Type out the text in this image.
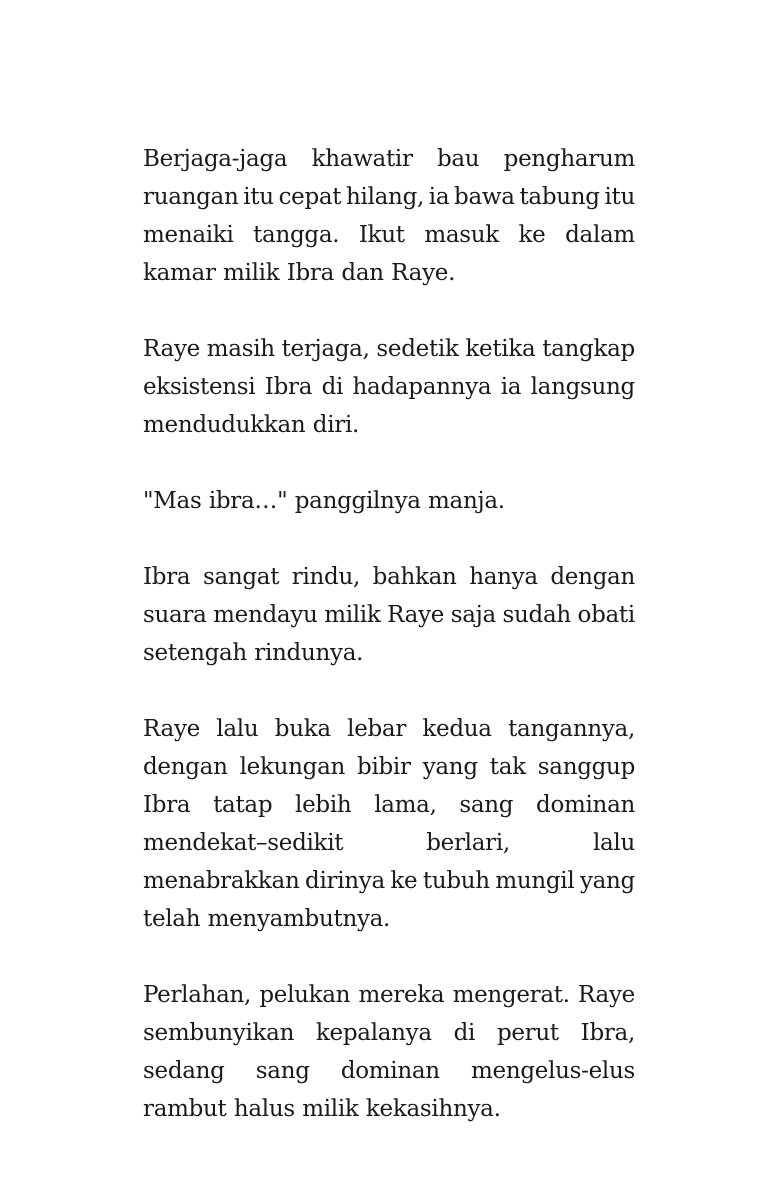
Berjaga-jaga khawatir bau pengharum
ruangan itu cepat hilang, ia bawa tabung itu
menaiki tangga. Ikut masuk ke dalam
kamar milik Ibra dan Raye.
Raye masih terjaga, sedetik ketika tangkap
eksistensi Ibra di hadapannya ia langsung
mendudukkan diri.
"Mas ibra…" panggilnya manja.
Ibra sangat rindu, bahkan hanya dengan
suara mendayu milik Raye saja sudah obati
setengah rindunya.
Raye lalu buka lebar kedua tangannya,
dengan lekungan bibir yang tak sanggup
Ibra tatap lebih lama, sang dominan
mendekat–sedikit	berlari,	lalu
menabrakkan dirinya ke tubuh mungil yang
telah menyambutnya.
Perlahan, pelukan mereka mengerat. Raye
sembunyikan kepalanya di perut Ibra,
sedang sang dominan mengelus-elus
rambut halus milik kekasihnya.
